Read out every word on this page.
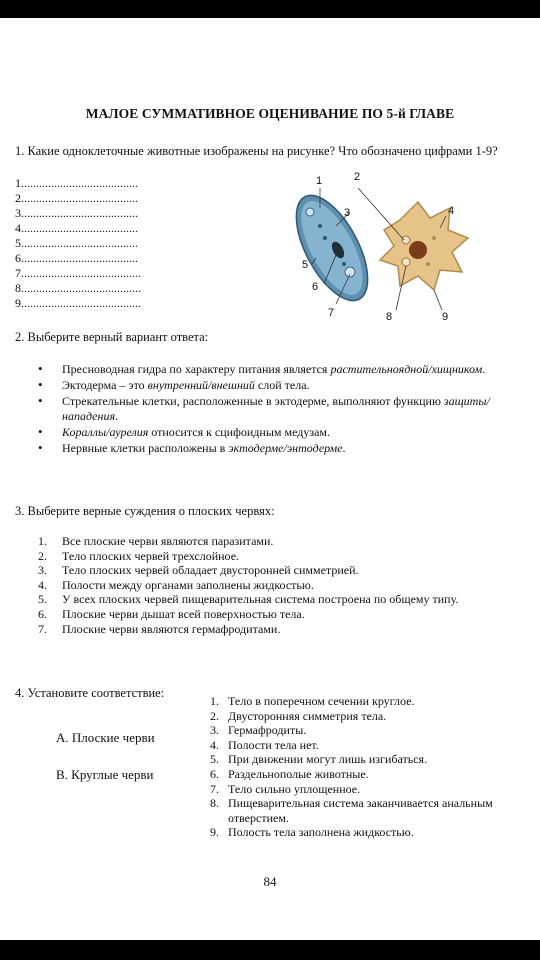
МАЛОЕ СУММАТИВНОЕ ОЦЕНИВАНИЕ ПО 5-й ГЛАВЕ
1. Какие одноклеточные животные изображены на рисунке? Что обозначено цифрами 1-9?
1.......................................
2.......................................
3.......................................
4.......................................
5.......................................
6.......................................
7........................................
8........................................
9........................................
1	2
3	4
5
6
7	8	9
2. Выберите верный вариант ответа:
• Пресноводная гидра по характеру питания является растительноядной/хищником.
• Эктодерма – это внутренний/внешний слой тела.
• Стрекательные клетки, расположенные в эктодерме, выполняют функцию защиты/нападения.
• Кораллы/аурелия относится к сцифоидным медузам.
• Нервные клетки расположены в эктодерме/энтодерме.
3. Выберите верные суждения о плоских червях:
1. Все плоские черви являются паразитами.
2. Тело плоских червей трехслойное.
3. Тело плоских червей обладает двусторонней симметрией.
4. Полости между органами заполнены жидкостью.
5. У всех плоских червей пищеварительная система построена по общему типу.
6. Плоские черви дышат всей поверхностью тела.
7. Плоские черви являются гермафродитами.
4. Установите соответствие:
А. Плоские черви
В. Круглые черви
1. Тело в поперечном сечении круглое.
2. Двусторонняя симметрия тела.
3. Гермафродиты.
4. Полости тела нет.
5. При движении могут лишь изгибаться.
6. Раздельнополые животные.
7. Тело сильно уплощенное.
8. Пищеварительная система заканчивается анальным отверстием.
9. Полость тела заполнена жидкостью.
84
